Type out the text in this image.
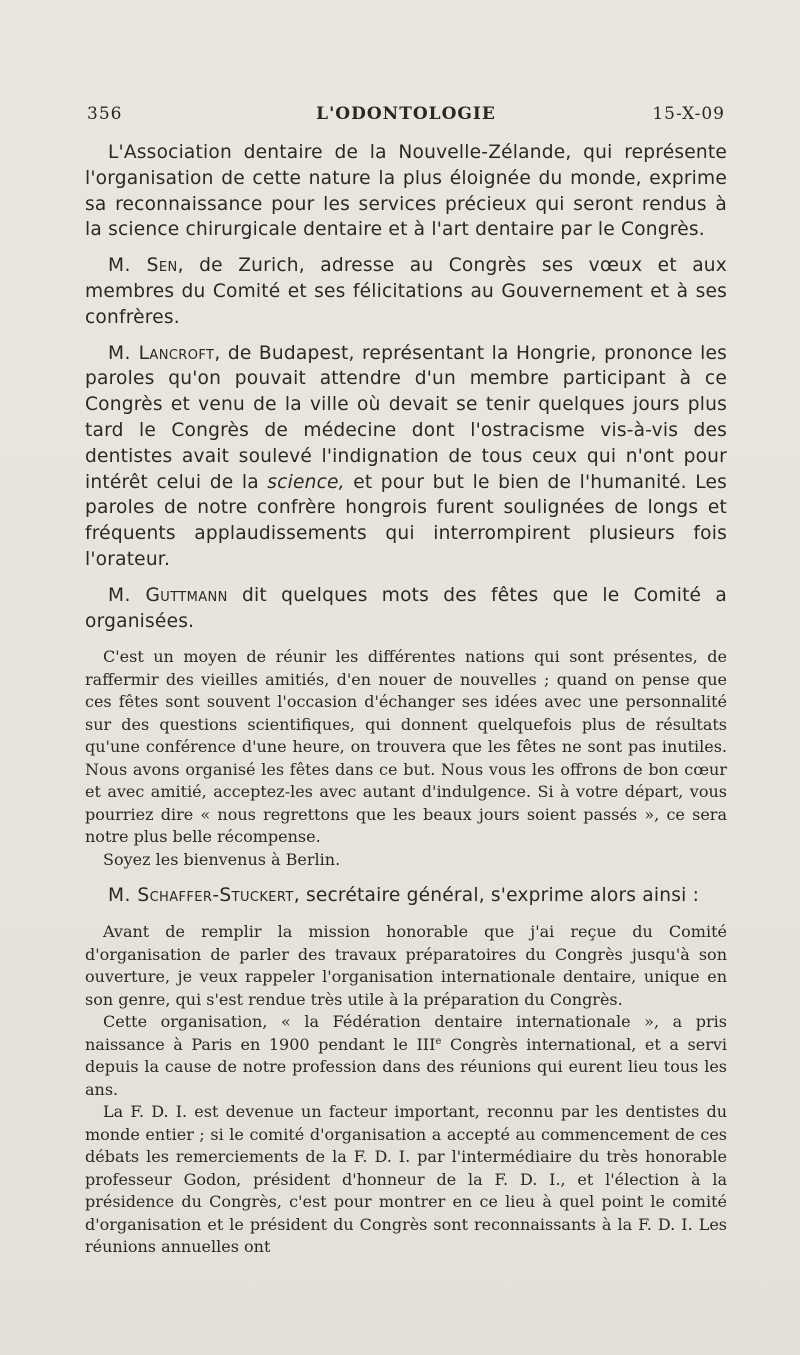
356	L'ODONTOLOGIE	15-X-09

L'Association dentaire de la Nouvelle-Zélande, qui représente l'organisation de cette nature la plus éloignée du monde, exprime sa reconnaissance pour les services précieux qui seront rendus à la science chirurgicale dentaire et à l'art dentaire par le Congrès.

M. Sen, de Zurich, adresse au Congrès ses vœux et aux membres du Comité et ses félicitations au Gouvernement et à ses confrères.

M. Lancroft, de Budapest, représentant la Hongrie, prononce les paroles qu'on pouvait attendre d'un membre participant à ce Congrès et venu de la ville où devait se tenir quelques jours plus tard le Congrès de médecine dont l'ostracisme vis-à-vis des dentistes avait soulevé l'indignation de tous ceux qui n'ont pour intérêt celui de la science, et pour but le bien de l'humanité. Les paroles de notre confrère hongrois furent soulignées de longs et fréquents applaudissements qui interrompirent plusieurs fois l'orateur.

M. Guttmann dit quelques mots des fêtes que le Comité a organisées.

C'est un moyen de réunir les différentes nations qui sont présentes, de raffermir des vieilles amitiés, d'en nouer de nouvelles ; quand on pense que ces fêtes sont souvent l'occasion d'échanger ses idées avec une personnalité sur des questions scientifiques, qui donnent quelquefois plus de résultats qu'une conférence d'une heure, on trouvera que les fêtes ne sont pas inutiles. Nous avons organisé les fêtes dans ce but. Nous vous les offrons de bon cœur et avec amitié, acceptez-les avec autant d'indulgence. Si à votre départ, vous pourriez dire « nous regrettons que les beaux jours soient passés », ce sera notre plus belle récompense.

Soyez les bienvenus à Berlin.

M. Schaffer-Stuckert, secrétaire général, s'exprime alors ainsi :

Avant de remplir la mission honorable que j'ai reçue du Comité d'organisation de parler des travaux préparatoires du Congrès jusqu'à son ouverture, je veux rappeler l'organisation internationale dentaire, unique en son genre, qui s'est rendue très utile à la préparation du Congrès.

Cette organisation, « la Fédération dentaire internationale », a pris naissance à Paris en 1900 pendant le IIIe Congrès international, et a servi depuis la cause de notre profession dans des réunions qui eurent lieu tous les ans.

La F. D. I. est devenue un facteur important, reconnu par les dentistes du monde entier ; si le comité d'organisation a accepté au commencement de ces débats les remerciements de la F. D. I. par l'intermédiaire du très honorable professeur Godon, président d'honneur de la F. D. I., et l'élection à la présidence du Congrès, c'est pour montrer en ce lieu à quel point le comité d'organisation et le président du Congrès sont reconnaissants à la F. D. I. Les réunions annuelles ont
